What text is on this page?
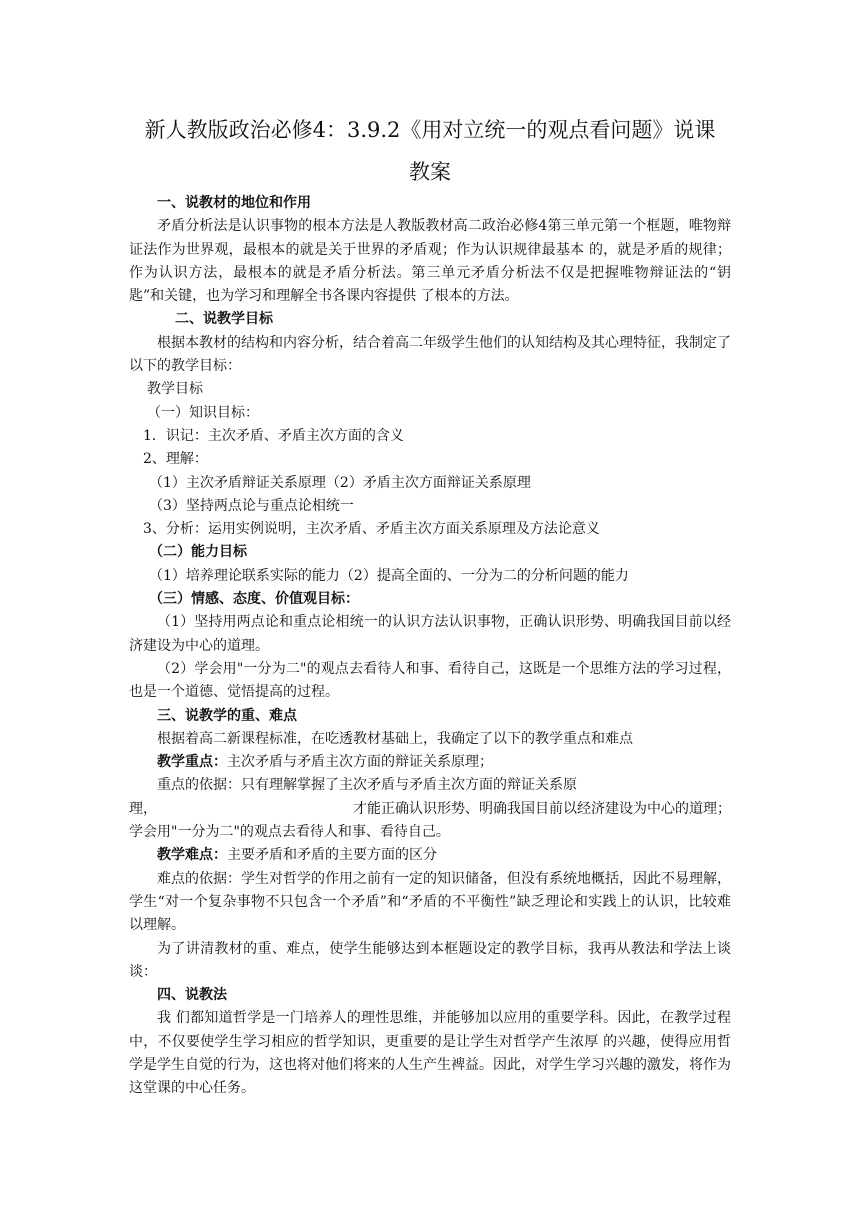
新人教版政治必修4：3.9.2《用对立统一的观点看问题》说课
教案

一、说教材的地位和作用

矛盾分析法是认识事物的根本方法是人教版教材高二政治必修4第三单元第一个框题，唯物辩证法作为世界观，最根本的就是关于世界的矛盾观；作为认识规律最基本 的，就是矛盾的规律；作为认识方法，最根本的就是矛盾分析法。第三单元矛盾分析法不仅是把握唯物辩证法的“钥匙”和关键，也为学习和理解全书各课内容提供 了根本的方法。

二、说教学目标

根据本教材的结构和内容分析，结合着高二年级学生他们的认知结构及其心理特征，我制定了以下的教学目标：

教学目标

（一）知识目标：

1．识记：主次矛盾、矛盾主次方面的含义

2、理解：

（1）主次矛盾辩证关系原理（2）矛盾主次方面辩证关系原理

（3）坚持两点论与重点论相统一

3、分析：运用实例说明，主次矛盾、矛盾主次方面关系原理及方法论意义

（二）能力目标

（1）培养理论联系实际的能力（2）提高全面的、一分为二的分析问题的能力

（三）情感、态度、价值观目标：

（1）坚持用两点论和重点论相统一的认识方法认识事物，正确认识形势、明确我国目前以经济建设为中心的道理。

（2）学会用"一分为二"的观点去看待人和事、看待自己，这既是一个思维方法的学习过程，也是一个道德、觉悟提高的过程。

三、说教学的重、难点

根据着高二新课程标准，在吃透教材基础上，我确定了以下的教学重点和难点

教学重点：主次矛盾与矛盾主次方面的辩证关系原理；

重点的依据：只有理解掌握了主次矛盾与矛盾主次方面的辩证关系原

理，	才能正确认识形势、明确我国目前以经济建设为中心的道理；

学会用"一分为二"的观点去看待人和事、看待自己。

教学难点：主要矛盾和矛盾的主要方面的区分

难点的依据：学生对哲学的作用之前有一定的知识储备，但没有系统地概括，因此不易理解，学生“对一个复杂事物不只包含一个矛盾”和“矛盾的不平衡性”缺乏理论和实践上的认识，比较难以理解。

为了讲清教材的重、难点，使学生能够达到本框题设定的教学目标，我再从教法和学法上谈谈：

四、说教法

我 们都知道哲学是一门培养人的理性思维，并能够加以应用的重要学科。因此，在教学过程中，不仅要使学生学习相应的哲学知识，更重要的是让学生对哲学产生浓厚 的兴趣，使得应用哲学是学生自觉的行为，这也将对他们将来的人生产生裨益。因此，对学生学习兴趣的激发，将作为这堂课的中心任务。
